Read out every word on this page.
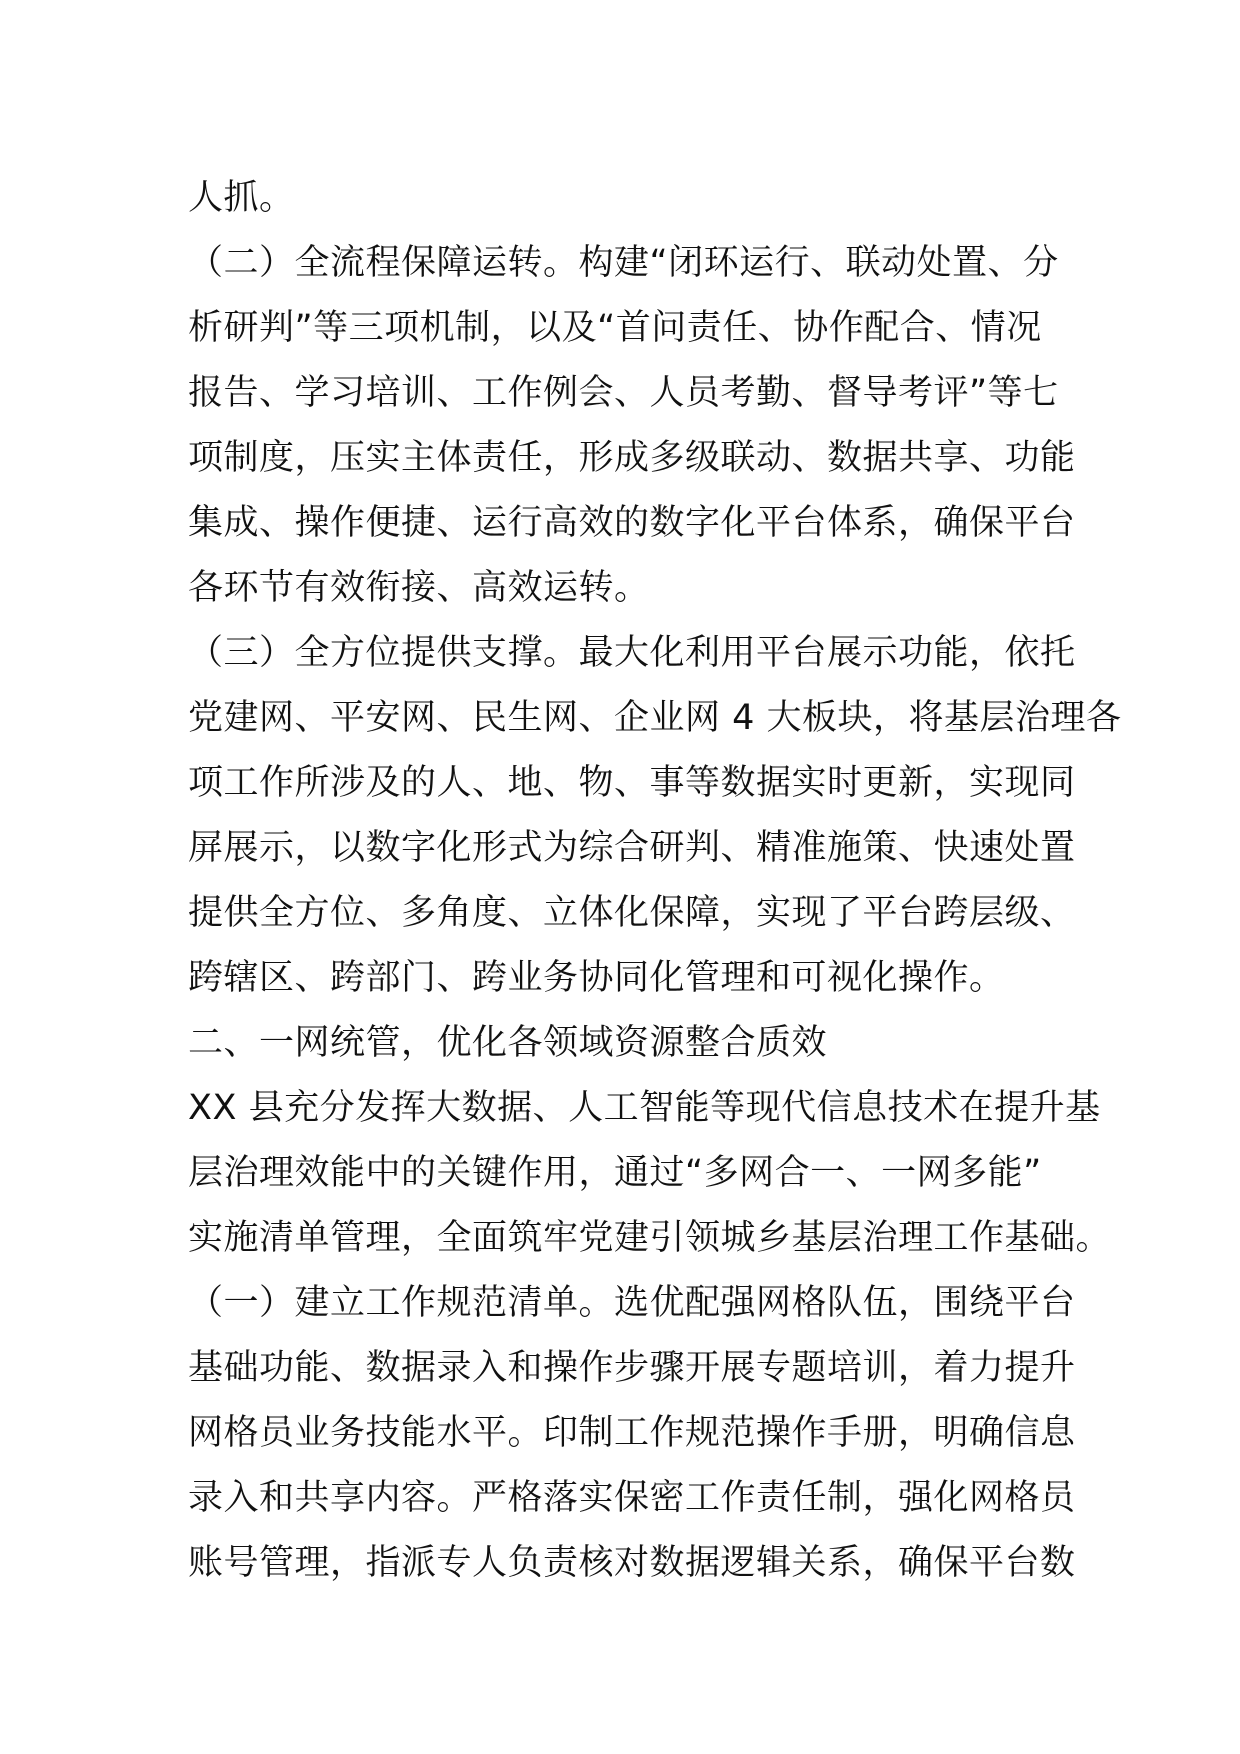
人抓。
（二）全流程保障运转。构建“闭环运行、联动处置、分
析研判”等三项机制，以及“首问责任、协作配合、情况
报告、学习培训、工作例会、人员考勤、督导考评”等七
项制度，压实主体责任，形成多级联动、数据共享、功能
集成、操作便捷、运行高效的数字化平台体系，确保平台
各环节有效衔接、高效运转。
（三）全方位提供支撑。最大化利用平台展示功能，依托
党建网、平安网、民生网、企业网 4 大板块，将基层治理各
项工作所涉及的人、地、物、事等数据实时更新，实现同
屏展示，以数字化形式为综合研判、精准施策、快速处置
提供全方位、多角度、立体化保障，实现了平台跨层级、
跨辖区、跨部门、跨业务协同化管理和可视化操作。
二、一网统管，优化各领域资源整合质效
XX 县充分发挥大数据、人工智能等现代信息技术在提升基
层治理效能中的关键作用，通过“多网合一、一网多能”
实施清单管理，全面筑牢党建引领城乡基层治理工作基础。
（一）建立工作规范清单。选优配强网格队伍，围绕平台
基础功能、数据录入和操作步骤开展专题培训，着力提升
网格员业务技能水平。印制工作规范操作手册，明确信息
录入和共享内容。严格落实保密工作责任制，强化网格员
账号管理，指派专人负责核对数据逻辑关系，确保平台数
